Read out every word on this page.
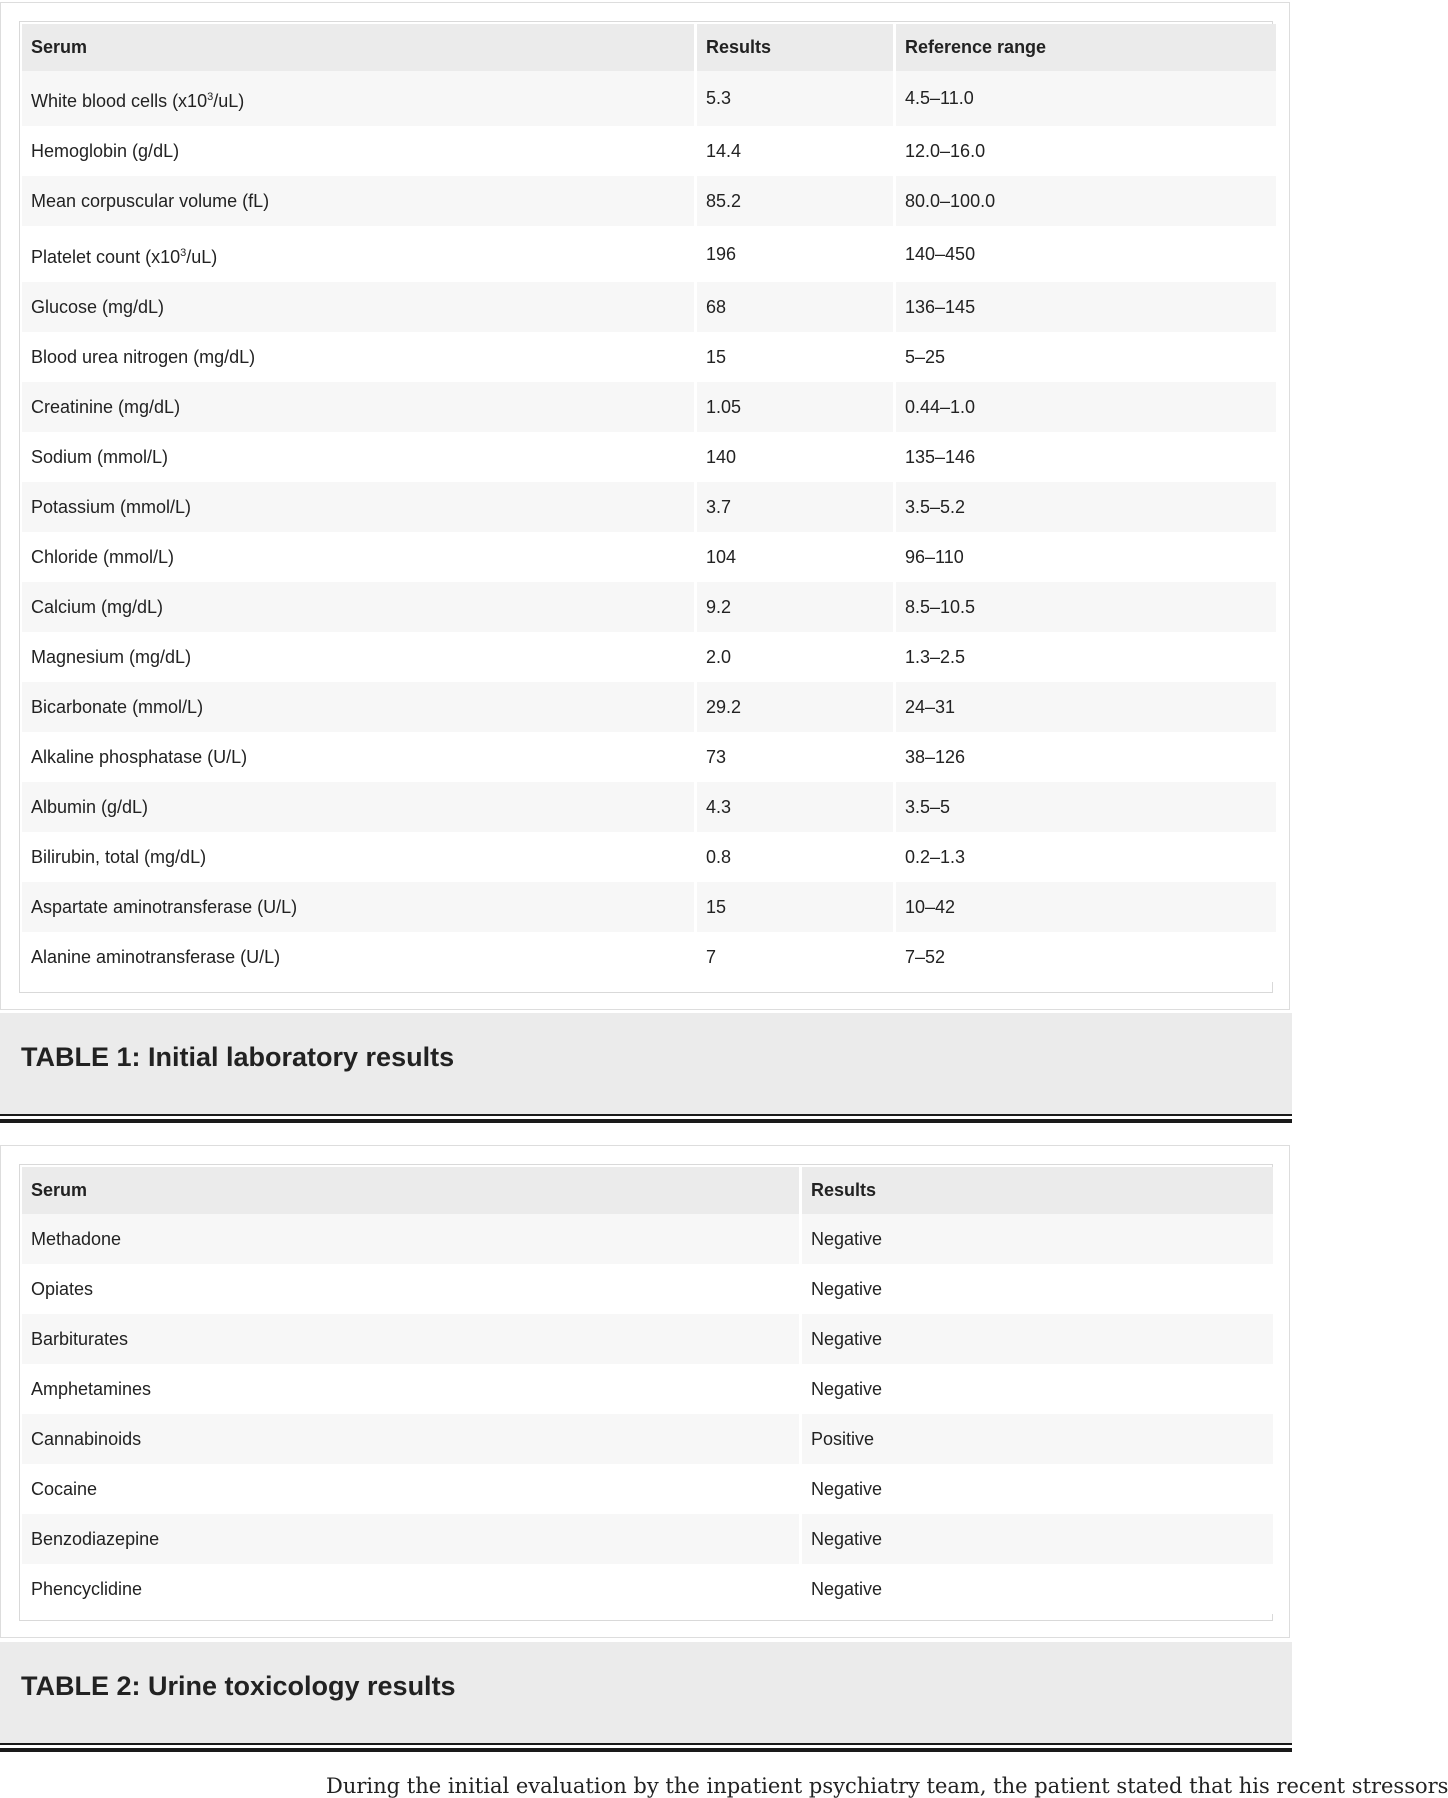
Serum	Results	Reference range
White blood cells $(x10^3/uL)$	5.3	4.5–11.0
Hemoglobin (g/dL)	14.4	12.0–16.0
Mean corpuscular volume (fL)	85.2	80.0–100.0
Platelet count $(x10^3/uL)$	196	140–450
Glucose (mg/dL)	68	136–145
Blood urea nitrogen (mg/dL)	15	5–25
Creatinine (mg/dL)	1.05	0.44–1.0
Sodium (mmol/L)	140	135–146
Potassium (mmol/L)	3.7	3.5–5.2
Chloride (mmol/L)	104	96–110
Calcium (mg/dL)	9.2	8.5–10.5
Magnesium (mg/dL)	2.0	1.3–2.5
Bicarbonate (mmol/L)	29.2	24–31
Alkaline phosphatase (U/L)	73	38–126
Albumin (g/dL)	4.3	3.5–5
Bilirubin, total (mg/dL)	0.8	0.2–1.3
Aspartate aminotransferase (U/L)	15	10–42
Alanine aminotransferase (U/L)	7	7–52
TABLE 1: Initial laboratory results
Serum	Results
Methadone	Negative
Opiates	Negative
Barbiturates	Negative
Amphetamines	Negative
Cannabinoids	Positive
Cocaine	Negative
Benzodiazepine	Negative
Phencyclidine	Negative
TABLE 2: Urine toxicology results
During the initial evaluation by the inpatient psychiatry team, the patient stated that his recent stressors
